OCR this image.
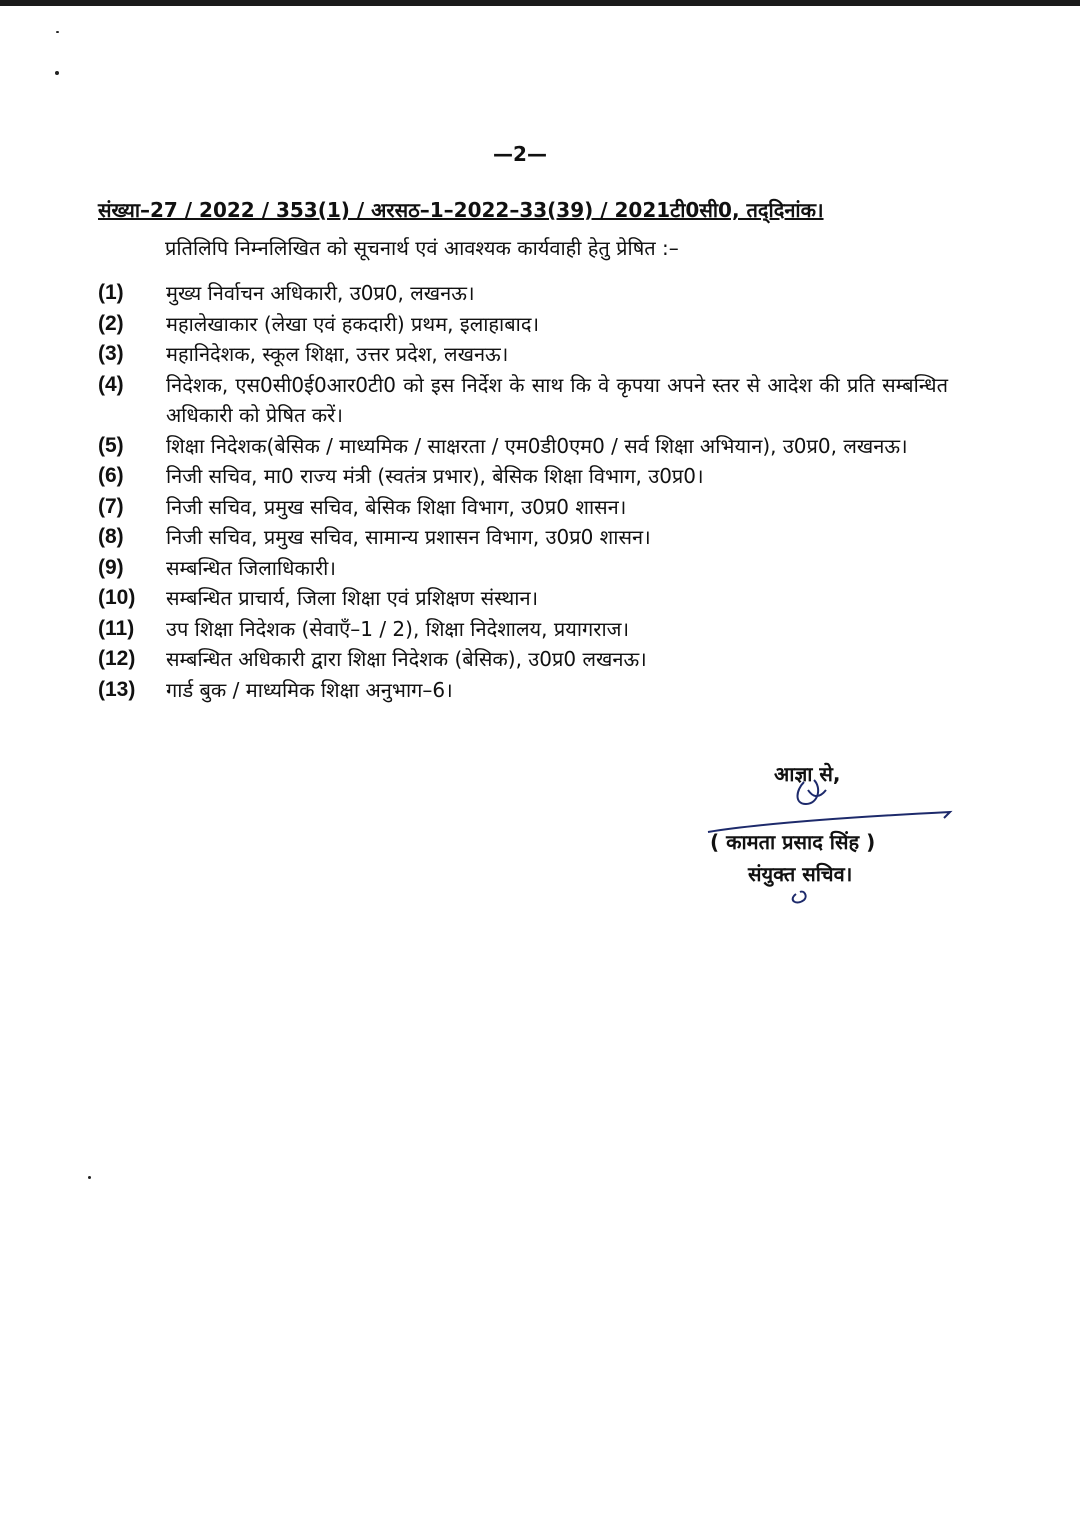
—2—
संख्या–27 / 2022 / 353(1) / अरसठ–1–2022–33(39) / 2021टी0सी0, तद्‌दिनांक।
प्रतिलिपि निम्नलिखित को सूचनार्थ एवं आवश्यक कार्यवाही हेतु प्रेषित :–
(1)	मुख्य निर्वाचन अधिकारी, उ0प्र0, लखनऊ।
(2)	महालेखाकार (लेखा एवं हकदारी) प्रथम, इलाहाबाद।
(3)	महानिदेशक, स्कूल शिक्षा, उत्तर प्रदेश, लखनऊ।
(4)	निदेशक, एस0सी0ई0आर0टी0 को इस निर्देश के साथ कि वे कृपया अपने स्तर से आदेश की प्रति सम्बन्धित अधिकारी को प्रेषित करें।
(5)	शिक्षा निदेशक(बेसिक / माध्यमिक / साक्षरता / एम0डी0एम0 / सर्व शिक्षा अभियान), उ0प्र0, लखनऊ।
(6)	निजी सचिव, मा0 राज्य मंत्री (स्वतंत्र प्रभार), बेसिक शिक्षा विभाग, उ0प्र0।
(7)	निजी सचिव, प्रमुख सचिव, बेसिक शिक्षा विभाग, उ0प्र0 शासन।
(8)	निजी सचिव, प्रमुख सचिव, सामान्य प्रशासन विभाग, उ0प्र0 शासन।
(9)	सम्बन्धित जिलाधिकारी।
(10)	सम्बन्धित प्राचार्य, जिला शिक्षा एवं प्रशिक्षण संस्थान।
(11)	उप शिक्षा निदेशक (सेवाएँ–1 / 2), शिक्षा निदेशालय, प्रयागराज।
(12)	सम्बन्धित अधिकारी द्वारा शिक्षा निदेशक (बेसिक), उ0प्र0 लखनऊ।
(13)	गार्ड बुक / माध्यमिक शिक्षा अनुभाग–6।
आज्ञा से,
( कामता प्रसाद सिंह )
संयुक्त सचिव।
